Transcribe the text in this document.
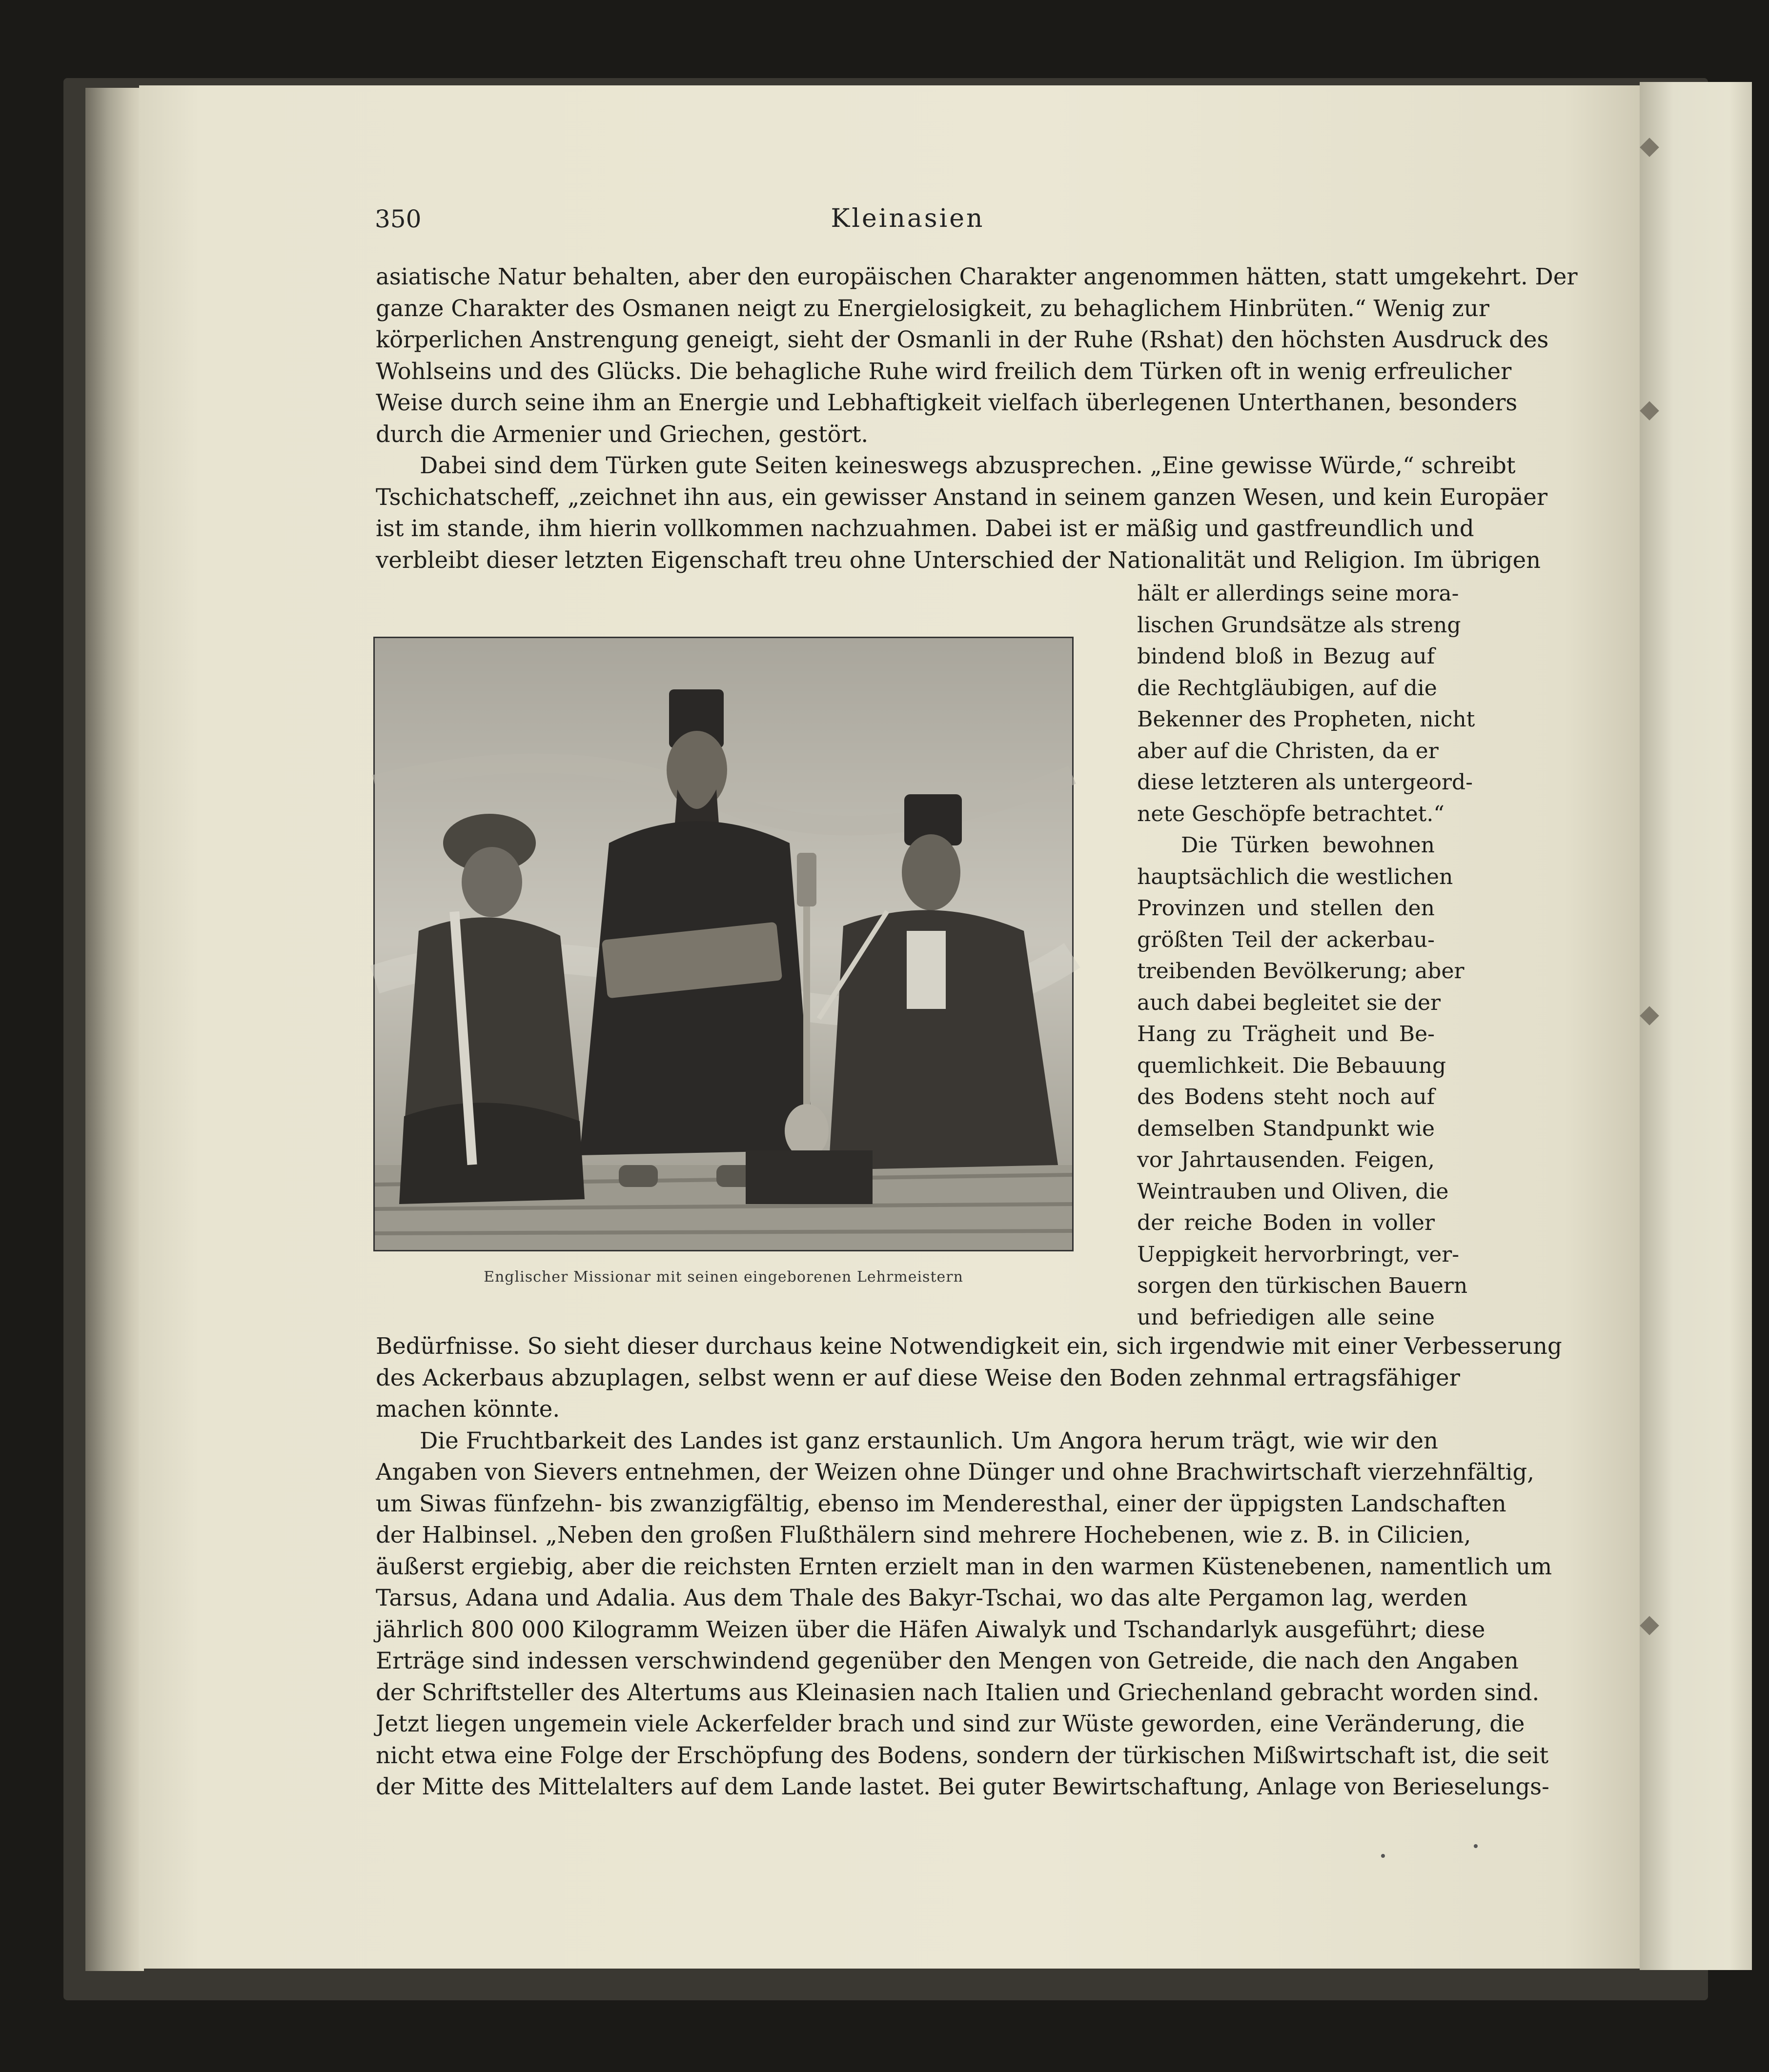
350	Kleinasien
asiatische Natur behalten, aber den europäischen Charakter angenommen hätten, statt umgekehrt. Der
ganze Charakter des Osmanen neigt zu Energielosigkeit, zu behaglichem Hinbrüten.“ Wenig zur
körperlichen Anstrengung geneigt, sieht der Osmanli in der Ruhe (Rshat) den höchsten Ausdruck des
Wohlseins und des Glücks. Die behagliche Ruhe wird freilich dem Türken oft in wenig erfreulicher
Weise durch seine ihm an Energie und Lebhaftigkeit vielfach überlegenen Unterthanen, besonders
durch die Armenier und Griechen, gestört.
Dabei sind dem Türken gute Seiten keineswegs abzusprechen. „Eine gewisse Würde,“ schreibt
Tschichatscheff, „zeichnet ihn aus, ein gewisser Anstand in seinem ganzen Wesen, und kein Europäer
ist im stande, ihm hierin vollkommen nachzuahmen. Dabei ist er mäßig und gastfreundlich und
verbleibt dieser letzten Eigenschaft treu ohne Unterschied der Nationalität und Religion. Im übrigen
Englischer Missionar mit seinen eingeborenen Lehrmeistern
hält er allerdings seine mora-
lischen Grundsätze als streng
bindend bloß in Bezug auf
die Rechtgläubigen, auf die
Bekenner des Propheten, nicht
aber auf die Christen, da er
diese letzteren als untergeord-
nete Geschöpfe betrachtet.“
Die Türken bewohnen
hauptsächlich die westlichen
Provinzen und stellen den
größten Teil der ackerbau-
treibenden Bevölkerung; aber
auch dabei begleitet sie der
Hang zu Trägheit und Be-
quemlichkeit. Die Bebauung
des Bodens steht noch auf
demselben Standpunkt wie
vor Jahrtausenden. Feigen,
Weintrauben und Oliven, die
der reiche Boden in voller
Ueppigkeit hervorbringt, ver-
sorgen den türkischen Bauern
und befriedigen alle seine
Bedürfnisse. So sieht dieser durchaus keine Notwendigkeit ein, sich irgendwie mit einer Verbesserung
des Ackerbaus abzuplagen, selbst wenn er auf diese Weise den Boden zehnmal ertragsfähiger
machen könnte.
Die Fruchtbarkeit des Landes ist ganz erstaunlich. Um Angora herum trägt, wie wir den
Angaben von Sievers entnehmen, der Weizen ohne Dünger und ohne Brachwirtschaft vierzehnfältig,
um Siwas fünfzehn- bis zwanzigfältig, ebenso im Menderesthal, einer der üppigsten Landschaften
der Halbinsel. „Neben den großen Flußthälern sind mehrere Hochebenen, wie z. B. in Cilicien,
äußerst ergiebig, aber die reichsten Ernten erzielt man in den warmen Küstenebenen, namentlich um
Tarsus, Adana und Adalia. Aus dem Thale des Bakyr-Tschai, wo das alte Pergamon lag, werden
jährlich 800 000 Kilogramm Weizen über die Häfen Aiwalyk und Tschandarlyk ausgeführt; diese
Erträge sind indessen verschwindend gegenüber den Mengen von Getreide, die nach den Angaben
der Schriftsteller des Altertums aus Kleinasien nach Italien und Griechenland gebracht worden sind.
Jetzt liegen ungemein viele Ackerfelder brach und sind zur Wüste geworden, eine Veränderung, die
nicht etwa eine Folge der Erschöpfung des Bodens, sondern der türkischen Mißwirtschaft ist, die seit
der Mitte des Mittelalters auf dem Lande lastet. Bei guter Bewirtschaftung, Anlage von Berieselungs-
